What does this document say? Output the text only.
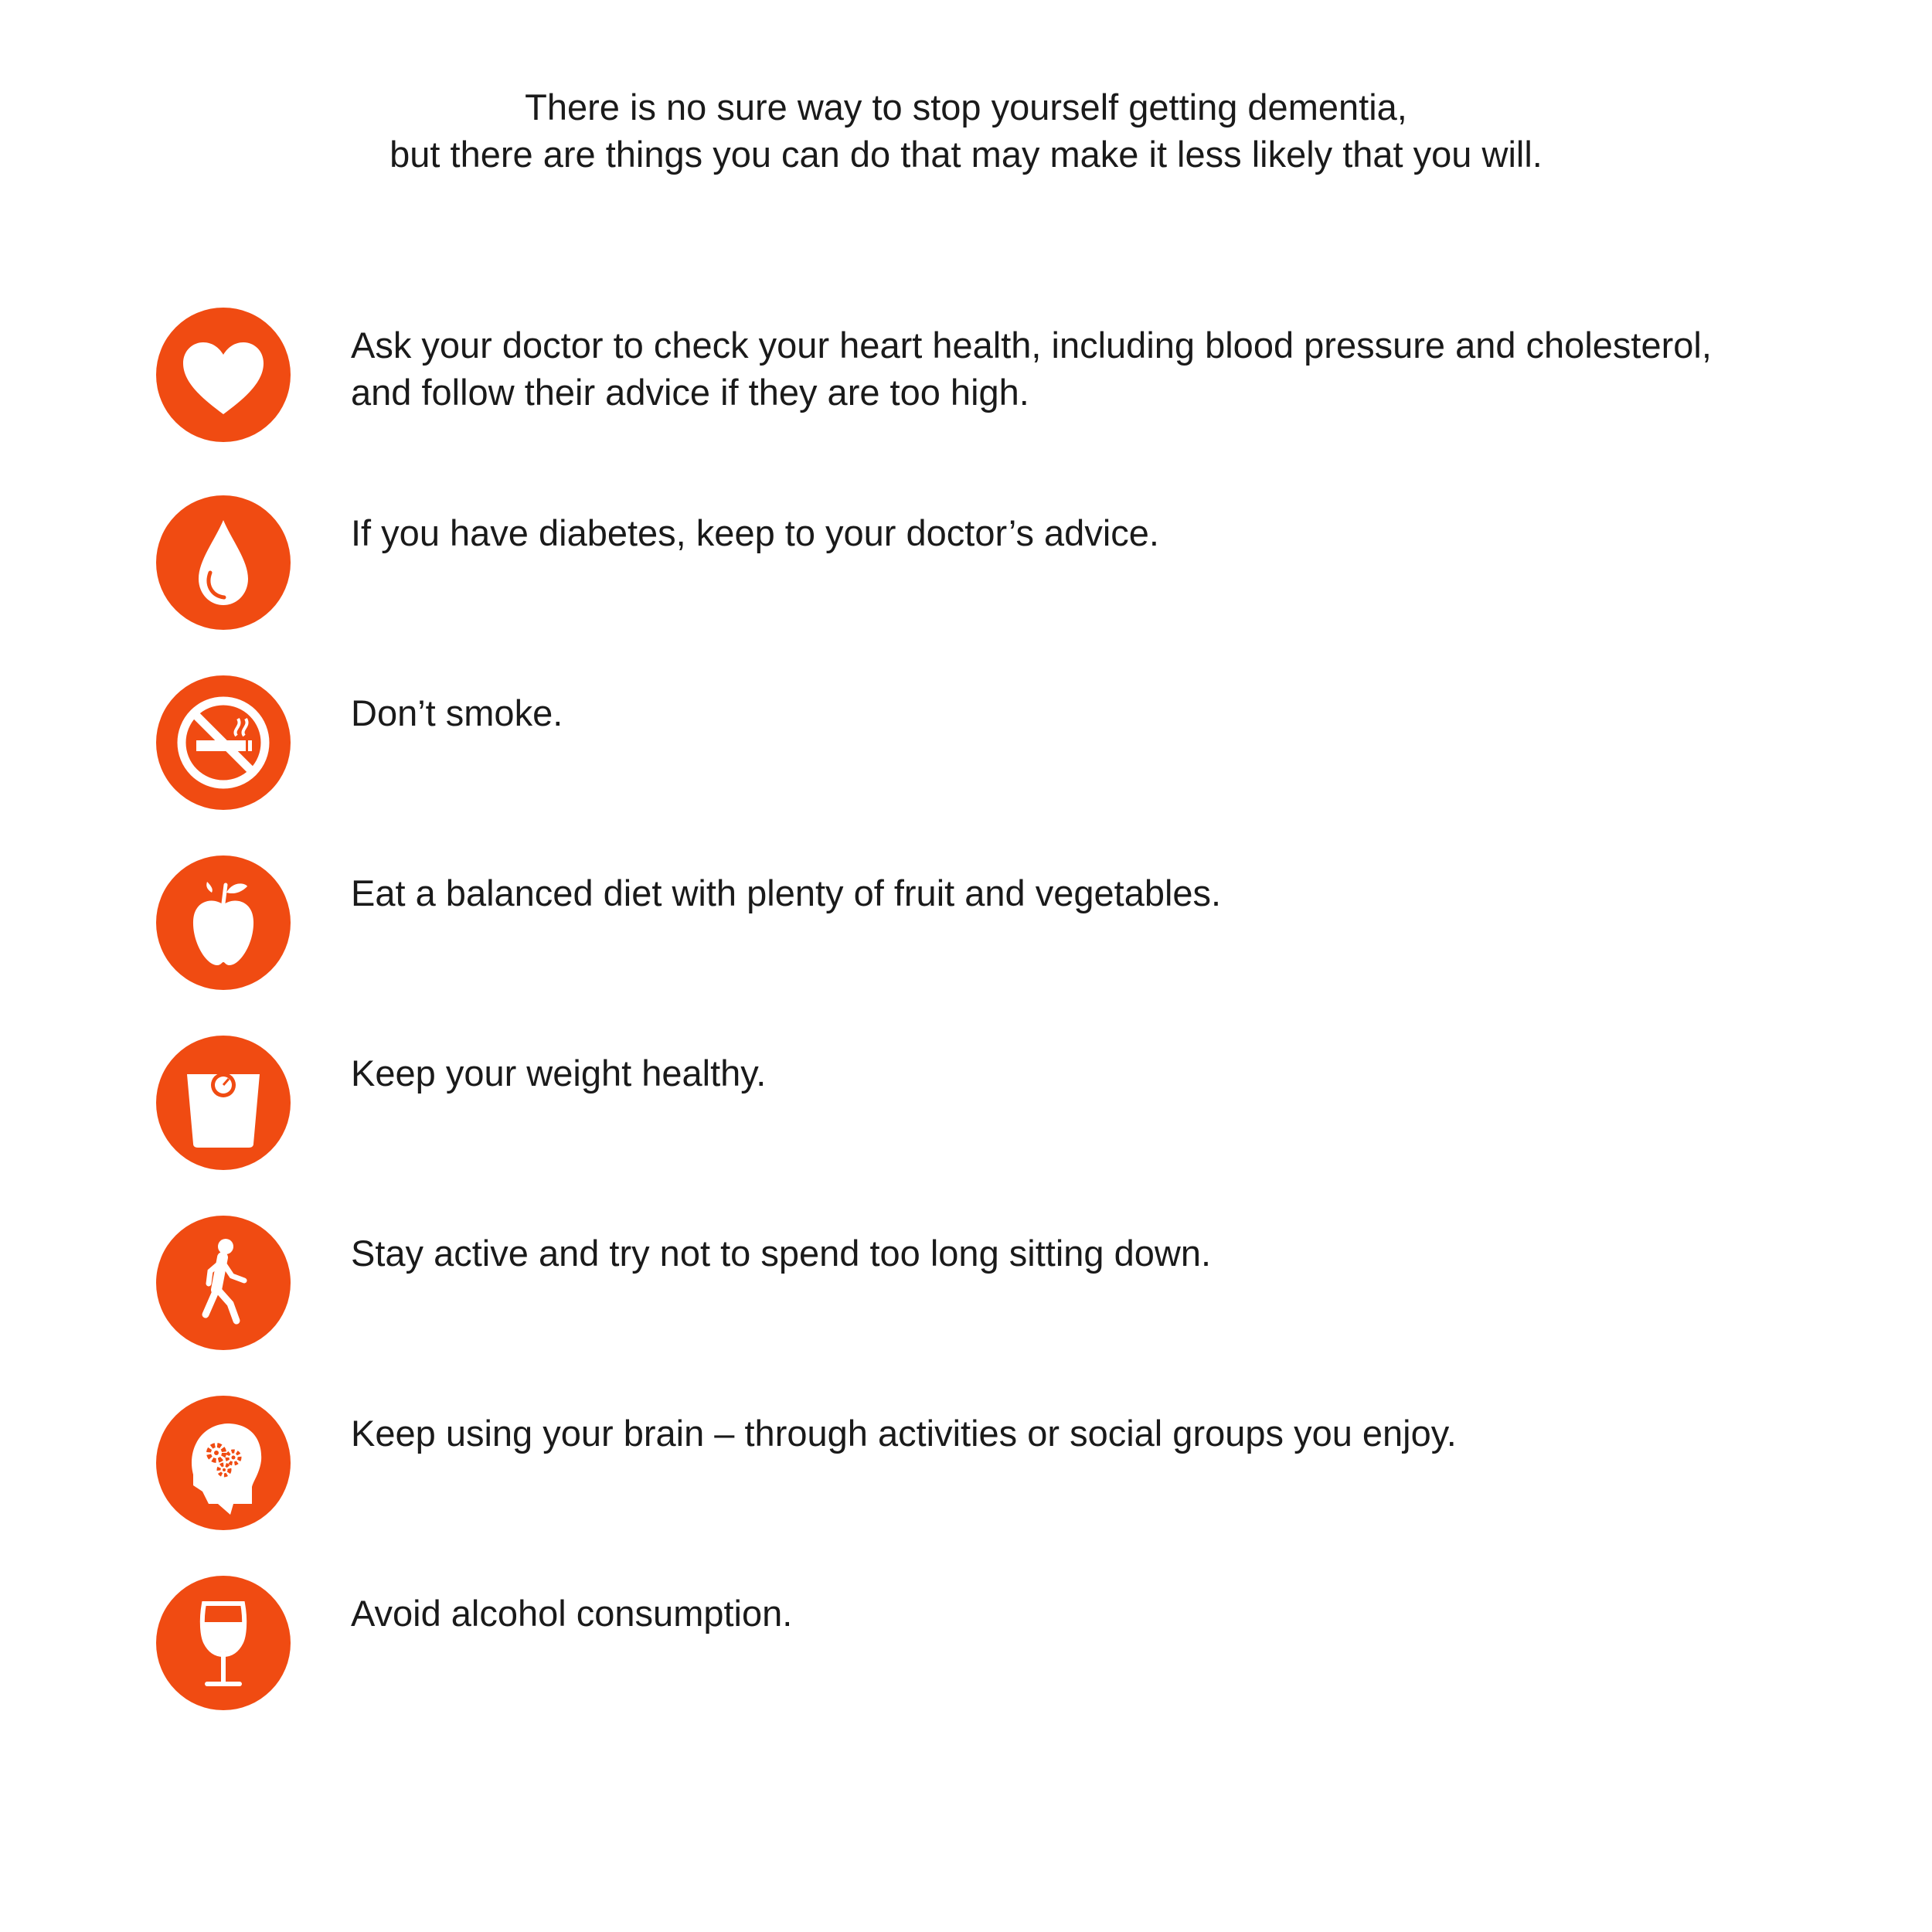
There is no sure way to stop yourself getting dementia,
but there are things you can do that may make it less likely that you will.

Ask your doctor to check your heart health, including blood pressure and cholesterol,
and follow their advice if they are too high.

If you have diabetes, keep to your doctor’s advice.

Don’t smoke.

Eat a balanced diet with plenty of fruit and vegetables.

Keep your weight healthy.

Stay active and try not to spend too long sitting down.

Keep using your brain – through activities or social groups you enjoy.

Avoid alcohol consumption.
